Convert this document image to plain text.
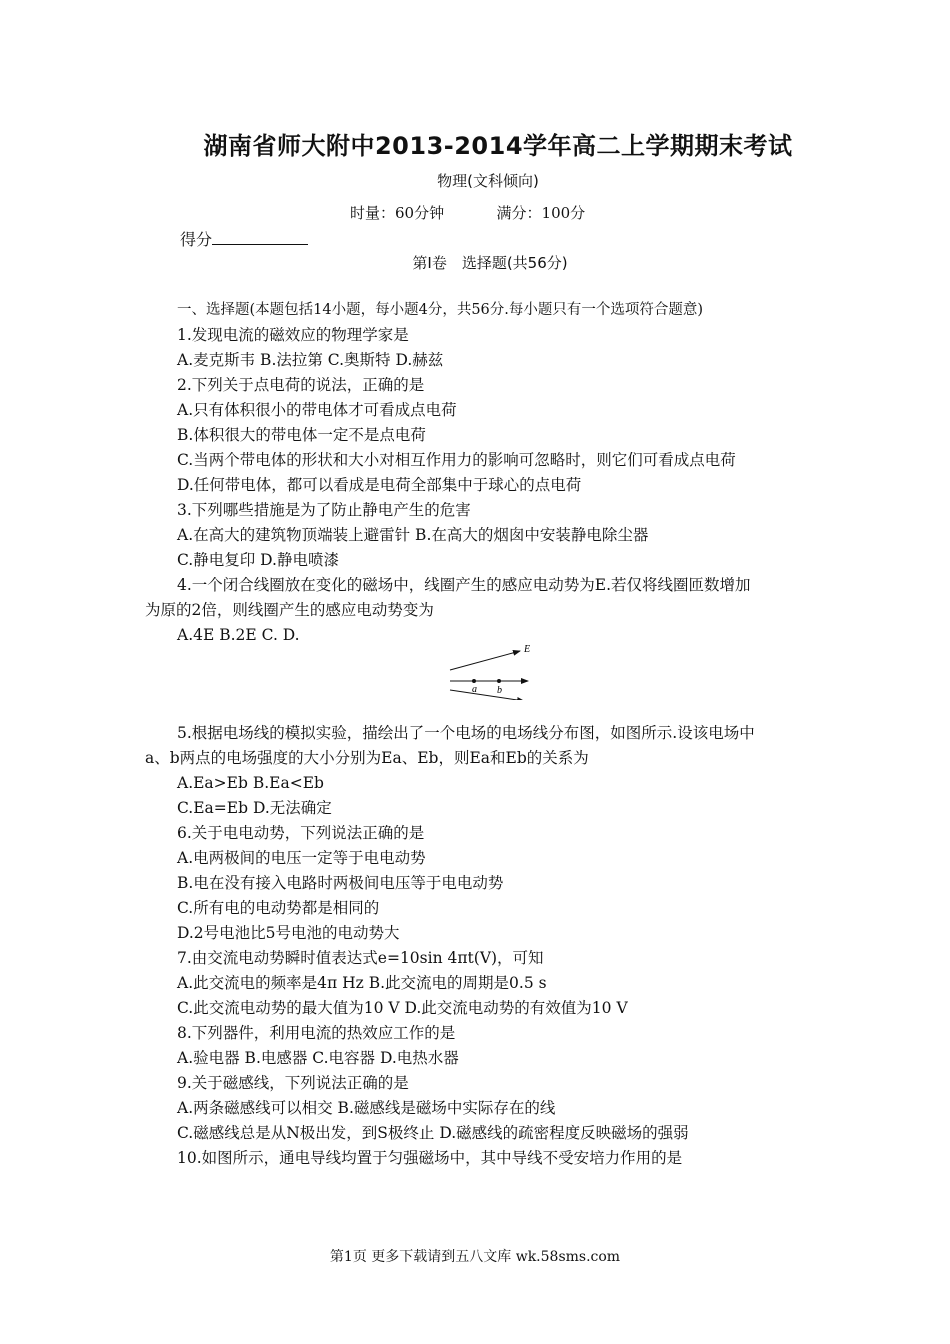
湖南省师大附中2013-2014学年高二上学期期末考试
物理(文科倾向)
时量：60分钟	满分：100分
得分
第Ⅰ卷　选择题(共56分)
一、选择题(本题包括14小题，每小题4分，共56分.每小题只有一个选项符合题意)
1.发现电流的磁效应的物理学家是
A.麦克斯韦 B.法拉第 C.奥斯特 D.赫兹
2.下列关于点电荷的说法，正确的是
A.只有体积很小的带电体才可看成点电荷
B.体积很大的带电体一定不是点电荷
C.当两个带电体的形状和大小对相互作用力的影响可忽略时，则它们可看成点电荷
D.任何带电体，都可以看成是电荷全部集中于球心的点电荷
3.下列哪些措施是为了防止静电产生的危害
A.在高大的建筑物顶端装上避雷针 B.在高大的烟囱中安装静电除尘器
C.静电复印 D.静电喷漆
4.一个闭合线圈放在变化的磁场中，线圈产生的感应电动势为E.若仅将线圈匝数增加
为原的2倍，则线圈产生的感应电动势变为
A.4E B.2E C. D.
E
a b
5.根据电场线的模拟实验，描绘出了一个电场的电场线分布图，如图所示.设该电场中
a、b两点的电场强度的大小分别为Ea、Eb，则Ea和Eb的关系为
A.Ea>Eb B.Ea<Eb
C.Ea=Eb D.无法确定
6.关于电电动势，下列说法正确的是
A.电两极间的电压一定等于电电动势
B.电在没有接入电路时两极间电压等于电电动势
C.所有电的电动势都是相同的
D.2号电池比5号电池的电动势大
7.由交流电动势瞬时值表达式e=10sin 4πt(V)，可知
A.此交流电的频率是4π Hz B.此交流电的周期是0.5 s
C.此交流电动势的最大值为10 V D.此交流电动势的有效值为10 V
8.下列器件，利用电流的热效应工作的是
A.验电器 B.电感器 C.电容器 D.电热水器
9.关于磁感线，下列说法正确的是
A.两条磁感线可以相交 B.磁感线是磁场中实际存在的线
C.磁感线总是从N极出发，到S极终止 D.磁感线的疏密程度反映磁场的强弱
10.如图所示，通电导线均置于匀强磁场中，其中导线不受安培力作用的是
第1页 更多下载请到五八文库 wk.58sms.com
